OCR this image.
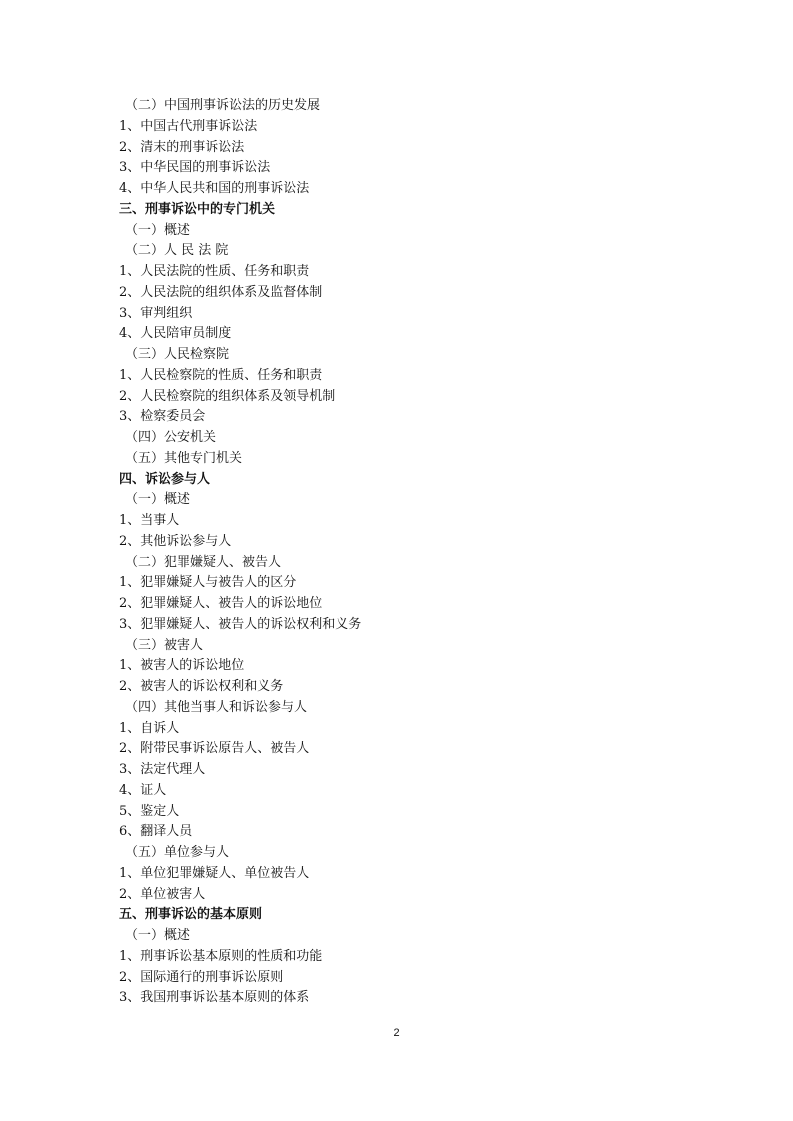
（二）中国刑事诉讼法的历史发展
1、中国古代刑事诉讼法
2、清末的刑事诉讼法
3、中华民国的刑事诉讼法
4、中华人民共和国的刑事诉讼法
三、刑事诉讼中的专门机关
（一）概述
（二）人 民 法 院
1、人民法院的性质、任务和职责
2、人民法院的组织体系及监督体制
3、审判组织
4、人民陪审员制度
（三）人民检察院
1、人民检察院的性质、任务和职责
2、人民检察院的组织体系及领导机制
3、检察委员会
（四）公安机关
（五）其他专门机关
四、诉讼参与人
（一）概述
1、当事人
2、其他诉讼参与人
（二）犯罪嫌疑人、被告人
1、犯罪嫌疑人与被告人的区分
2、犯罪嫌疑人、被告人的诉讼地位
3、犯罪嫌疑人、被告人的诉讼权利和义务
（三）被害人
1、被害人的诉讼地位
2、被害人的诉讼权利和义务
（四）其他当事人和诉讼参与人
1、自诉人
2、附带民事诉讼原告人、被告人
3、法定代理人
4、证人
5、鉴定人
6、翻译人员
（五）单位参与人
1、单位犯罪嫌疑人、单位被告人
2、单位被害人
五、刑事诉讼的基本原则
（一）概述
1、刑事诉讼基本原则的性质和功能
2、国际通行的刑事诉讼原则
3、我国刑事诉讼基本原则的体系
2
